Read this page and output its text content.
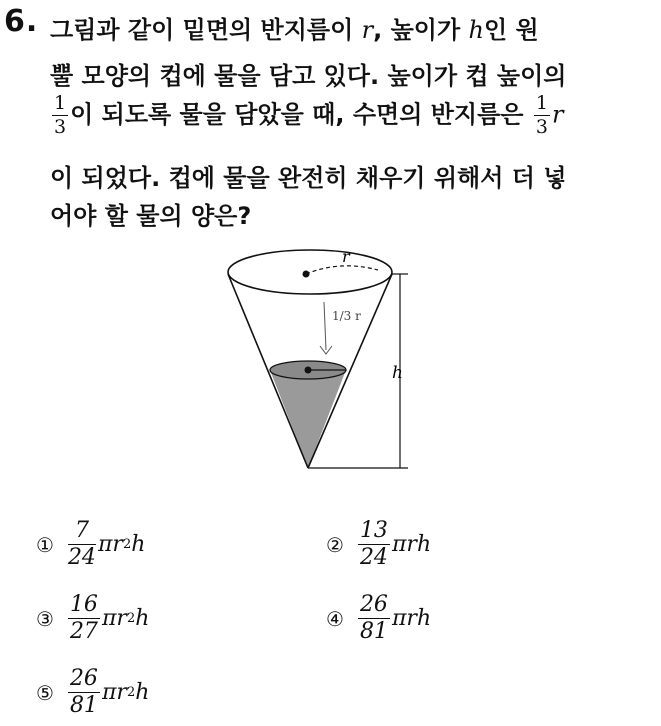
6. 그림과 같이 밑면의 반지름이 r, 높이가 h인 원
뿔 모양의 컵에 물을 담고 있다. 높이가 컵 높이의
$\frac{1}{3}$ 이 되도록 물을 담았을 때, 수면의 반지름은 $\frac{1}{3}$ r
이 되었다. 컵에 물을 완전히 채우기 위해서 더 넣
어야 할 물의 양은?
r
1/3 r
h
① $\frac{7}{24}$ π r 2 h	② $\frac{13}{24}$ π r h
③ $\frac{16}{27}$ π r 2 h	④ $\frac{26}{81}$ π r h
⑤ $\frac{26}{81}$ π r 2 h
